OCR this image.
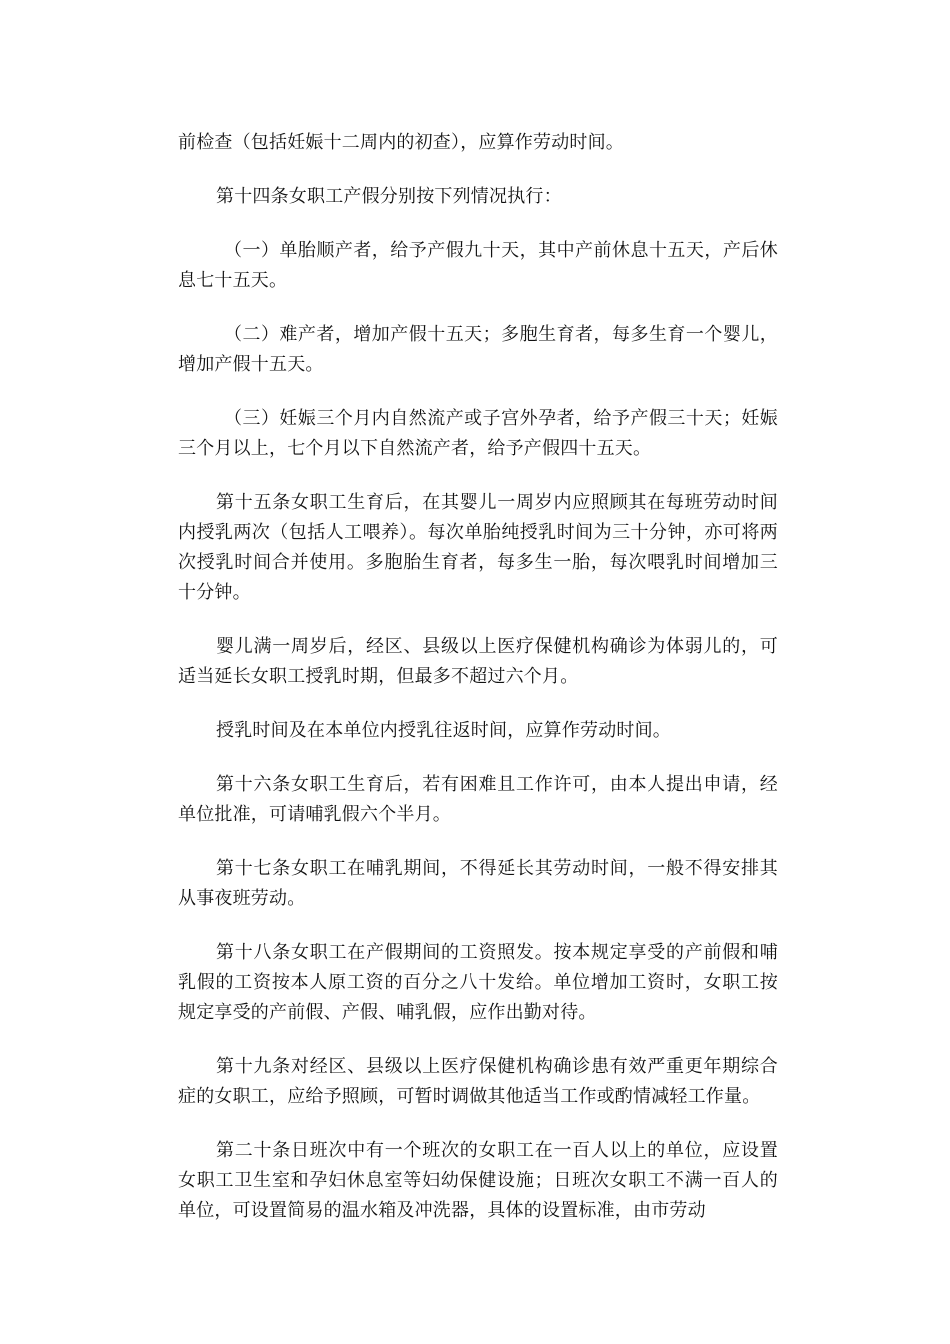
前检查（包括妊娠十二周内的初查），应算作劳动时间。

第十四条女职工产假分别按下列情况执行：

（一）单胎顺产者，给予产假九十天，其中产前休息十五天，产后休息七十五天。

（二）难产者，增加产假十五天；多胞生育者，每多生育一个婴儿，增加产假十五天。

（三）妊娠三个月内自然流产或子宫外孕者，给予产假三十天；妊娠三个月以上，七个月以下自然流产者，给予产假四十五天。

第十五条女职工生育后，在其婴儿一周岁内应照顾其在每班劳动时间内授乳两次（包括人工喂养）。每次单胎纯授乳时间为三十分钟，亦可将两次授乳时间合并使用。多胞胎生育者，每多生一胎，每次喂乳时间增加三十分钟。

婴儿满一周岁后，经区、县级以上医疗保健机构确诊为体弱儿的，可适当延长女职工授乳时期，但最多不超过六个月。

授乳时间及在本单位内授乳往返时间，应算作劳动时间。

第十六条女职工生育后，若有困难且工作许可，由本人提出申请，经单位批准，可请哺乳假六个半月。

第十七条女职工在哺乳期间，不得延长其劳动时间，一般不得安排其从事夜班劳动。

第十八条女职工在产假期间的工资照发。按本规定享受的产前假和哺乳假的工资按本人原工资的百分之八十发给。单位增加工资时，女职工按规定享受的产前假、产假、哺乳假，应作出勤对待。

第十九条对经区、县级以上医疗保健机构确诊患有效严重更年期综合症的女职工，应给予照顾，可暂时调做其他适当工作或酌情减轻工作量。

第二十条日班次中有一个班次的女职工在一百人以上的单位，应设置女职工卫生室和孕妇休息室等妇幼保健设施；日班次女职工不满一百人的单位，可设置简易的温水箱及冲洗器，具体的设置标准，由市劳动
